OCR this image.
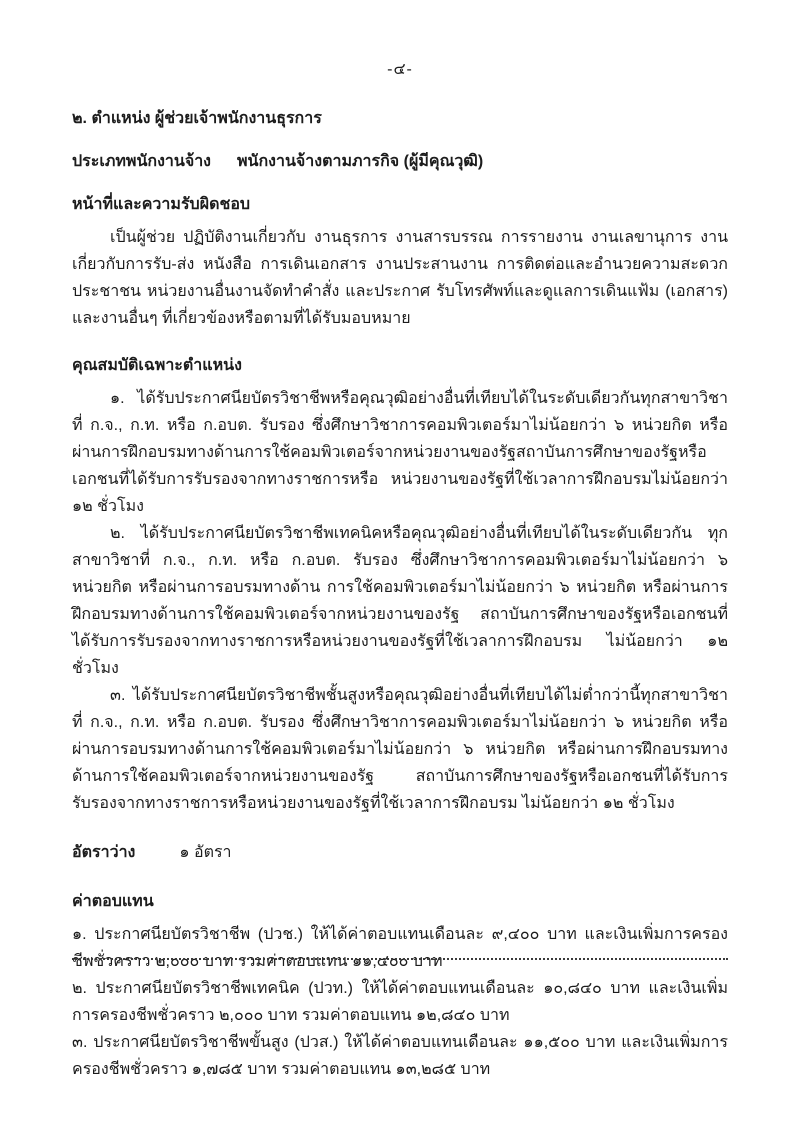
-๔-
๒. ตำแหน่ง ผู้ช่วยเจ้าพนักงานธุรการ
ประเภทพนักงานจ้าง พนักงานจ้างตามภารกิจ (ผู้มีคุณวุฒิ)
หน้าที่และความรับผิดชอบ

เป็นผู้ช่วย ปฏิบัติงานเกี่ยวกับ งานธุรการ งานสารบรรณ การรายงาน งานเลขานุการ งานเกี่ยวกับการรับ-ส่ง หนังสือ การเดินเอกสาร งานประสานงาน การติดต่อและอำนวยความสะดวกประชาชน หน่วยงานอื่นงานจัดทำคำสั่ง และประกาศ รับโทรศัพท์และดูแลการเดินแฟ้ม (เอกสาร) และงานอื่นๆ ที่เกี่ยวข้องหรือตามที่ได้รับมอบหมาย

คุณสมบัติเฉพาะตำแหน่ง

๑. ได้รับประกาศนียบัตรวิชาชีพหรือคุณวุฒิอย่างอื่นที่เทียบได้ในระดับเดียวกันทุกสาขาวิชาที่ ก.จ., ก.ท. หรือ ก.อบต. รับรอง ซึ่งศึกษาวิชาการคอมพิวเตอร์มาไม่น้อยกว่า ๖ หน่วยกิต หรือผ่านการฝึกอบรมทางด้านการใช้คอมพิวเตอร์จากหน่วยงานของรัฐสถาบันการศึกษาของรัฐหรือเอกชนที่ได้รับการรับรองจากทางราชการหรือ หน่วยงานของรัฐที่ใช้เวลาการฝึกอบรมไม่น้อยกว่า ๑๒ ชั่วโมง

๒. ได้รับประกาศนียบัตรวิชาชีพเทคนิคหรือคุณวุฒิอย่างอื่นที่เทียบได้ในระดับเดียวกัน ทุกสาขาวิชาที่ ก.จ., ก.ท. หรือ ก.อบต. รับรอง ซึ่งศึกษาวิชาการคอมพิวเตอร์มาไม่น้อยกว่า ๖ หน่วยกิต หรือผ่านการอบรมทางด้าน การใช้คอมพิวเตอร์มาไม่น้อยกว่า ๖ หน่วยกิต หรือผ่านการฝึกอบรมทางด้านการใช้คอมพิวเตอร์จากหน่วยงานของรัฐ สถาบันการศึกษาของรัฐหรือเอกชนที่ได้รับการรับรองจากทางราชการหรือหน่วยงานของรัฐที่ใช้เวลาการฝึกอบรม ไม่น้อยกว่า ๑๒ ชั่วโมง

๓. ได้รับประกาศนียบัตรวิชาชีพชั้นสูงหรือคุณวุฒิอย่างอื่นที่เทียบได้ไม่ต่ำกว่านี้ทุกสาขาวิชาที่ ก.จ., ก.ท. หรือ ก.อบต. รับรอง ซึ่งศึกษาวิชาการคอมพิวเตอร์มาไม่น้อยกว่า ๖ หน่วยกิต หรือผ่านการอบรมทางด้านการใช้คอมพิวเตอร์มาไม่น้อยกว่า ๖ หน่วยกิต หรือผ่านการฝึกอบรมทางด้านการใช้คอมพิวเตอร์จากหน่วยงานของรัฐ สถาบันการศึกษาของรัฐหรือเอกชนที่ได้รับการรับรองจากทางราชการหรือหน่วยงานของรัฐที่ใช้เวลาการฝึกอบรม ไม่น้อยกว่า ๑๒ ชั่วโมง

อัตราว่าง	๑ อัตรา
ค่าตอบแทน

๑. ประกาศนียบัตรวิชาชีพ (ปวช.) ให้ได้ค่าตอบแทนเดือนละ ๙,๔๐๐ บาท และเงินเพิ่มการครองชีพชั่วคราว ๒,๐๐๐ บาท รวมค่าตอบแทน ๑๑,๔๐๐ บาท

๒. ประกาศนียบัตรวิชาชีพเทคนิค (ปวท.) ให้ได้ค่าตอบแทนเดือนละ ๑๐,๘๔๐ บาท และเงินเพิ่มการครองชีพชั่วคราว ๒,๐๐๐ บาท รวมค่าตอบแทน ๑๒,๘๔๐ บาท

๓. ประกาศนียบัตรวิชาชีพขั้นสูง (ปวส.) ให้ได้ค่าตอบแทนเดือนละ ๑๑,๕๐๐ บาท และเงินเพิ่มการครองชีพชั่วคราว ๑,๗๘๕ บาท รวมค่าตอบแทน ๑๓,๒๘๕ บาท
